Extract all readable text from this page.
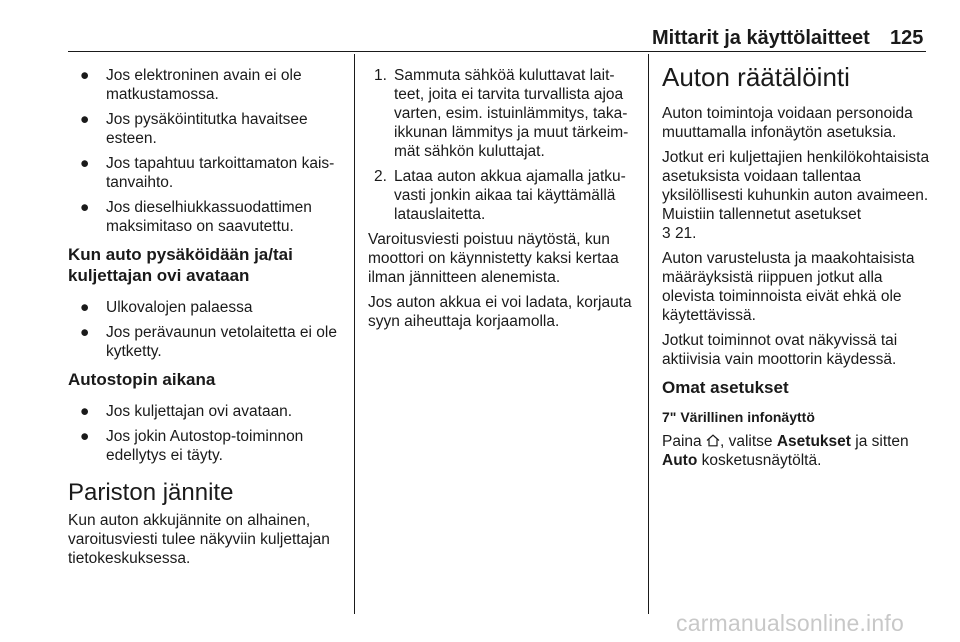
Mittarit ja käyttölaitteet 125
● Jos elektroninen avain ei ole matkustamossa.
● Jos pysäköintitutka havaitsee esteen.
● Jos tapahtuu tarkoittamaton kaistanvaihto.
● Jos dieselhiukkassuodattimen maksimitaso on saavutettu.
Kun auto pysäköidään ja/tai kuljettajan ovi avataan
● Ulkovalojen palaessa
● Jos perävaunun vetolaitetta ei ole kytketty.
Autostopin aikana
● Jos kuljettajan ovi avataan.
● Jos jokin Autostop-toiminnon edellytys ei täyty.
Pariston jännite

Kun auton akkujännite on alhainen, varoitusviesti tulee näkyviin kuljettajan tietokeskuksessa.

1. Sammuta sähköä kuluttavat laitteet, joita ei tarvita turvallista ajoa varten, esim. istuinlämmitys, takaikkunan lämmitys ja muut tärkeimmät sähkön kuluttajat.
2. Lataa auton akkua ajamalla jatkuvasti jonkin aikaa tai käyttämällä latauslaitetta.

Varoitusviesti poistuu näytöstä, kun moottori on käynnistetty kaksi kertaa ilman jännitteen alenemista.

Jos auton akkua ei voi ladata, korjauta syyn aiheuttaja korjaamolla.

Auton räätälöinti

Auton toimintoja voidaan personoida muuttamalla infonäytön asetuksia.

Jotkut eri kuljettajien henkilökohtaisista asetuksista voidaan tallentaa yksilöllisesti kuhunkin auton avaimeen. Muistiin tallennetut asetukset
3 21.

Auton varustelusta ja maakohtaisista määräyksistä riippuen jotkut alla olevista toiminnoista eivät ehkä ole käytettävissä.

Jotkut toiminnot ovat näkyvissä tai aktiivisia vain moottorin käydessä.

Omat asetukset
7" Värillinen infonäyttö

Paina , valitse Asetukset ja sitten
Auto kosketusnäytöltä.

carmanualsonline.info
